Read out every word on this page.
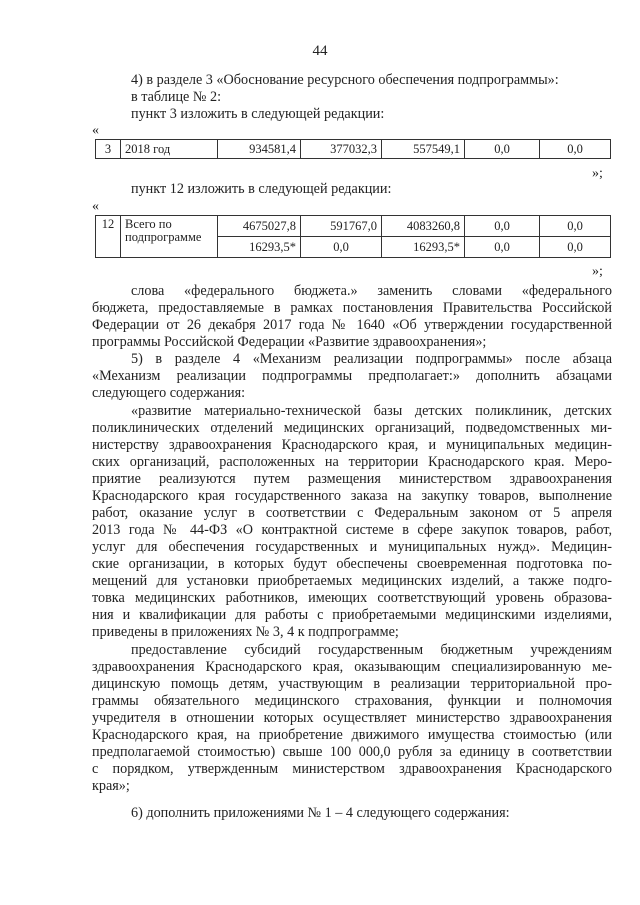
44
4) в разделе 3 «Обоснование ресурсного обеспечения подпрограммы»:
в таблице № 2:
пункт 3 изложить в следующей редакции:
«
3	2018 год	934581,4	377032,3	557549,1	0,0	0,0
»;
пункт 12 изложить в следующей редакции:
«
12	Всего по
подпрограмме	4675027,8	591767,0	4083260,8	0,0	0,0
		16293,5*	0,0	16293,5*	0,0	0,0
»;
слова «федерального бюджета.» заменить словами «федерального
бюджета, предоставляемые в рамках постановления Правительства Российской
Федерации от 26 декабря 2017 года № 1640 «Об утверждении государственной
программы Российской Федерации «Развитие здравоохранения»;
5) в разделе 4 «Механизм реализации подпрограммы» после абзаца
«Механизм реализации подпрограммы предполагает:» дополнить абзацами
следующего содержания:
«развитие материально-технической базы детских поликлиник, детских
поликлинических отделений медицинских организаций, подведомственных ми-
нистерству здравоохранения Краснодарского края, и муниципальных медицин-
ских организаций, расположенных на территории Краснодарского края. Меро-
приятие реализуются путем размещения министерством здравоохранения
Краснодарского края государственного заказа на закупку товаров, выполнение
работ, оказание услуг в соответствии с Федеральным законом от 5 апреля
2013 года № 44-ФЗ «О контрактной системе в сфере закупок товаров, работ,
услуг для обеспечения государственных и муниципальных нужд». Медицин-
ские организации, в которых будут обеспечены своевременная подготовка по-
мещений для установки приобретаемых медицинских изделий, а также подго-
товка медицинских работников, имеющих соответствующий уровень образова-
ния и квалификации для работы с приобретаемыми медицинскими изделиями,
приведены в приложениях № 3, 4 к подпрограмме;
предоставление субсидий государственным бюджетным учреждениям
здравоохранения Краснодарского края, оказывающим специализированную ме-
дицинскую помощь детям, участвующим в реализации территориальной про-
граммы обязательного медицинского страхования, функции и полномочия
учредителя в отношении которых осуществляет министерство здравоохранения
Краснодарского края, на приобретение движимого имущества стоимостью (или
предполагаемой стоимостью) свыше 100 000,0 рубля за единицу в соответствии
с порядком, утвержденным министерством здравоохранения Краснодарского
края»;
6) дополнить приложениями № 1 – 4 следующего содержания:
